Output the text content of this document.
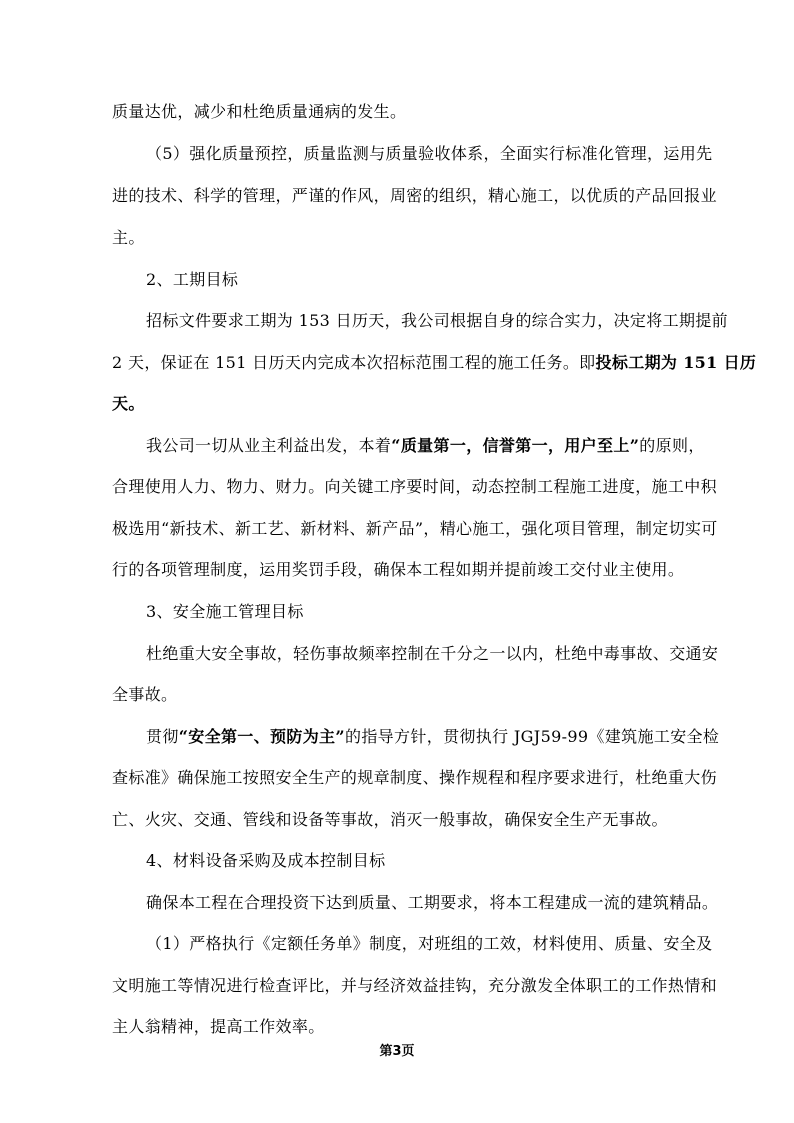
质量达优，减少和杜绝质量通病的发生。
（5）强化质量预控，质量监测与质量验收体系，全面实行标准化管理，运用先
进的技术、科学的管理，严谨的作风，周密的组织，精心施工，以优质的产品回报业
主。
2、工期目标
招标文件要求工期为 153 日历天，我公司根据自身的综合实力，决定将工期提前
2 天，保证在 151 日历天内完成本次招标范围工程的施工任务。即投标工期为 151 日历
天。
我公司一切从业主利益出发，本着“质量第一，信誉第一，用户至上”的原则，
合理使用人力、物力、财力。向关键工序要时间，动态控制工程施工进度，施工中积
极选用“新技术、新工艺、新材料、新产品”，精心施工，强化项目管理，制定切实可
行的各项管理制度，运用奖罚手段，确保本工程如期并提前竣工交付业主使用。
3、安全施工管理目标
杜绝重大安全事故，轻伤事故频率控制在千分之一以内，杜绝中毒事故、交通安
全事故。
贯彻“安全第一、预防为主”的指导方针，贯彻执行 JGJ59-99《建筑施工安全检
查标准》确保施工按照安全生产的规章制度、操作规程和程序要求进行，杜绝重大伤
亡、火灾、交通、管线和设备等事故，消灭一般事故，确保安全生产无事故。
4、材料设备采购及成本控制目标
确保本工程在合理投资下达到质量、工期要求，将本工程建成一流的建筑精品。
（1）严格执行《定额任务单》制度，对班组的工效，材料使用、质量、安全及
文明施工等情况进行检查评比，并与经济效益挂钩，充分激发全体职工的工作热情和
主人翁精神，提高工作效率。
第3页
